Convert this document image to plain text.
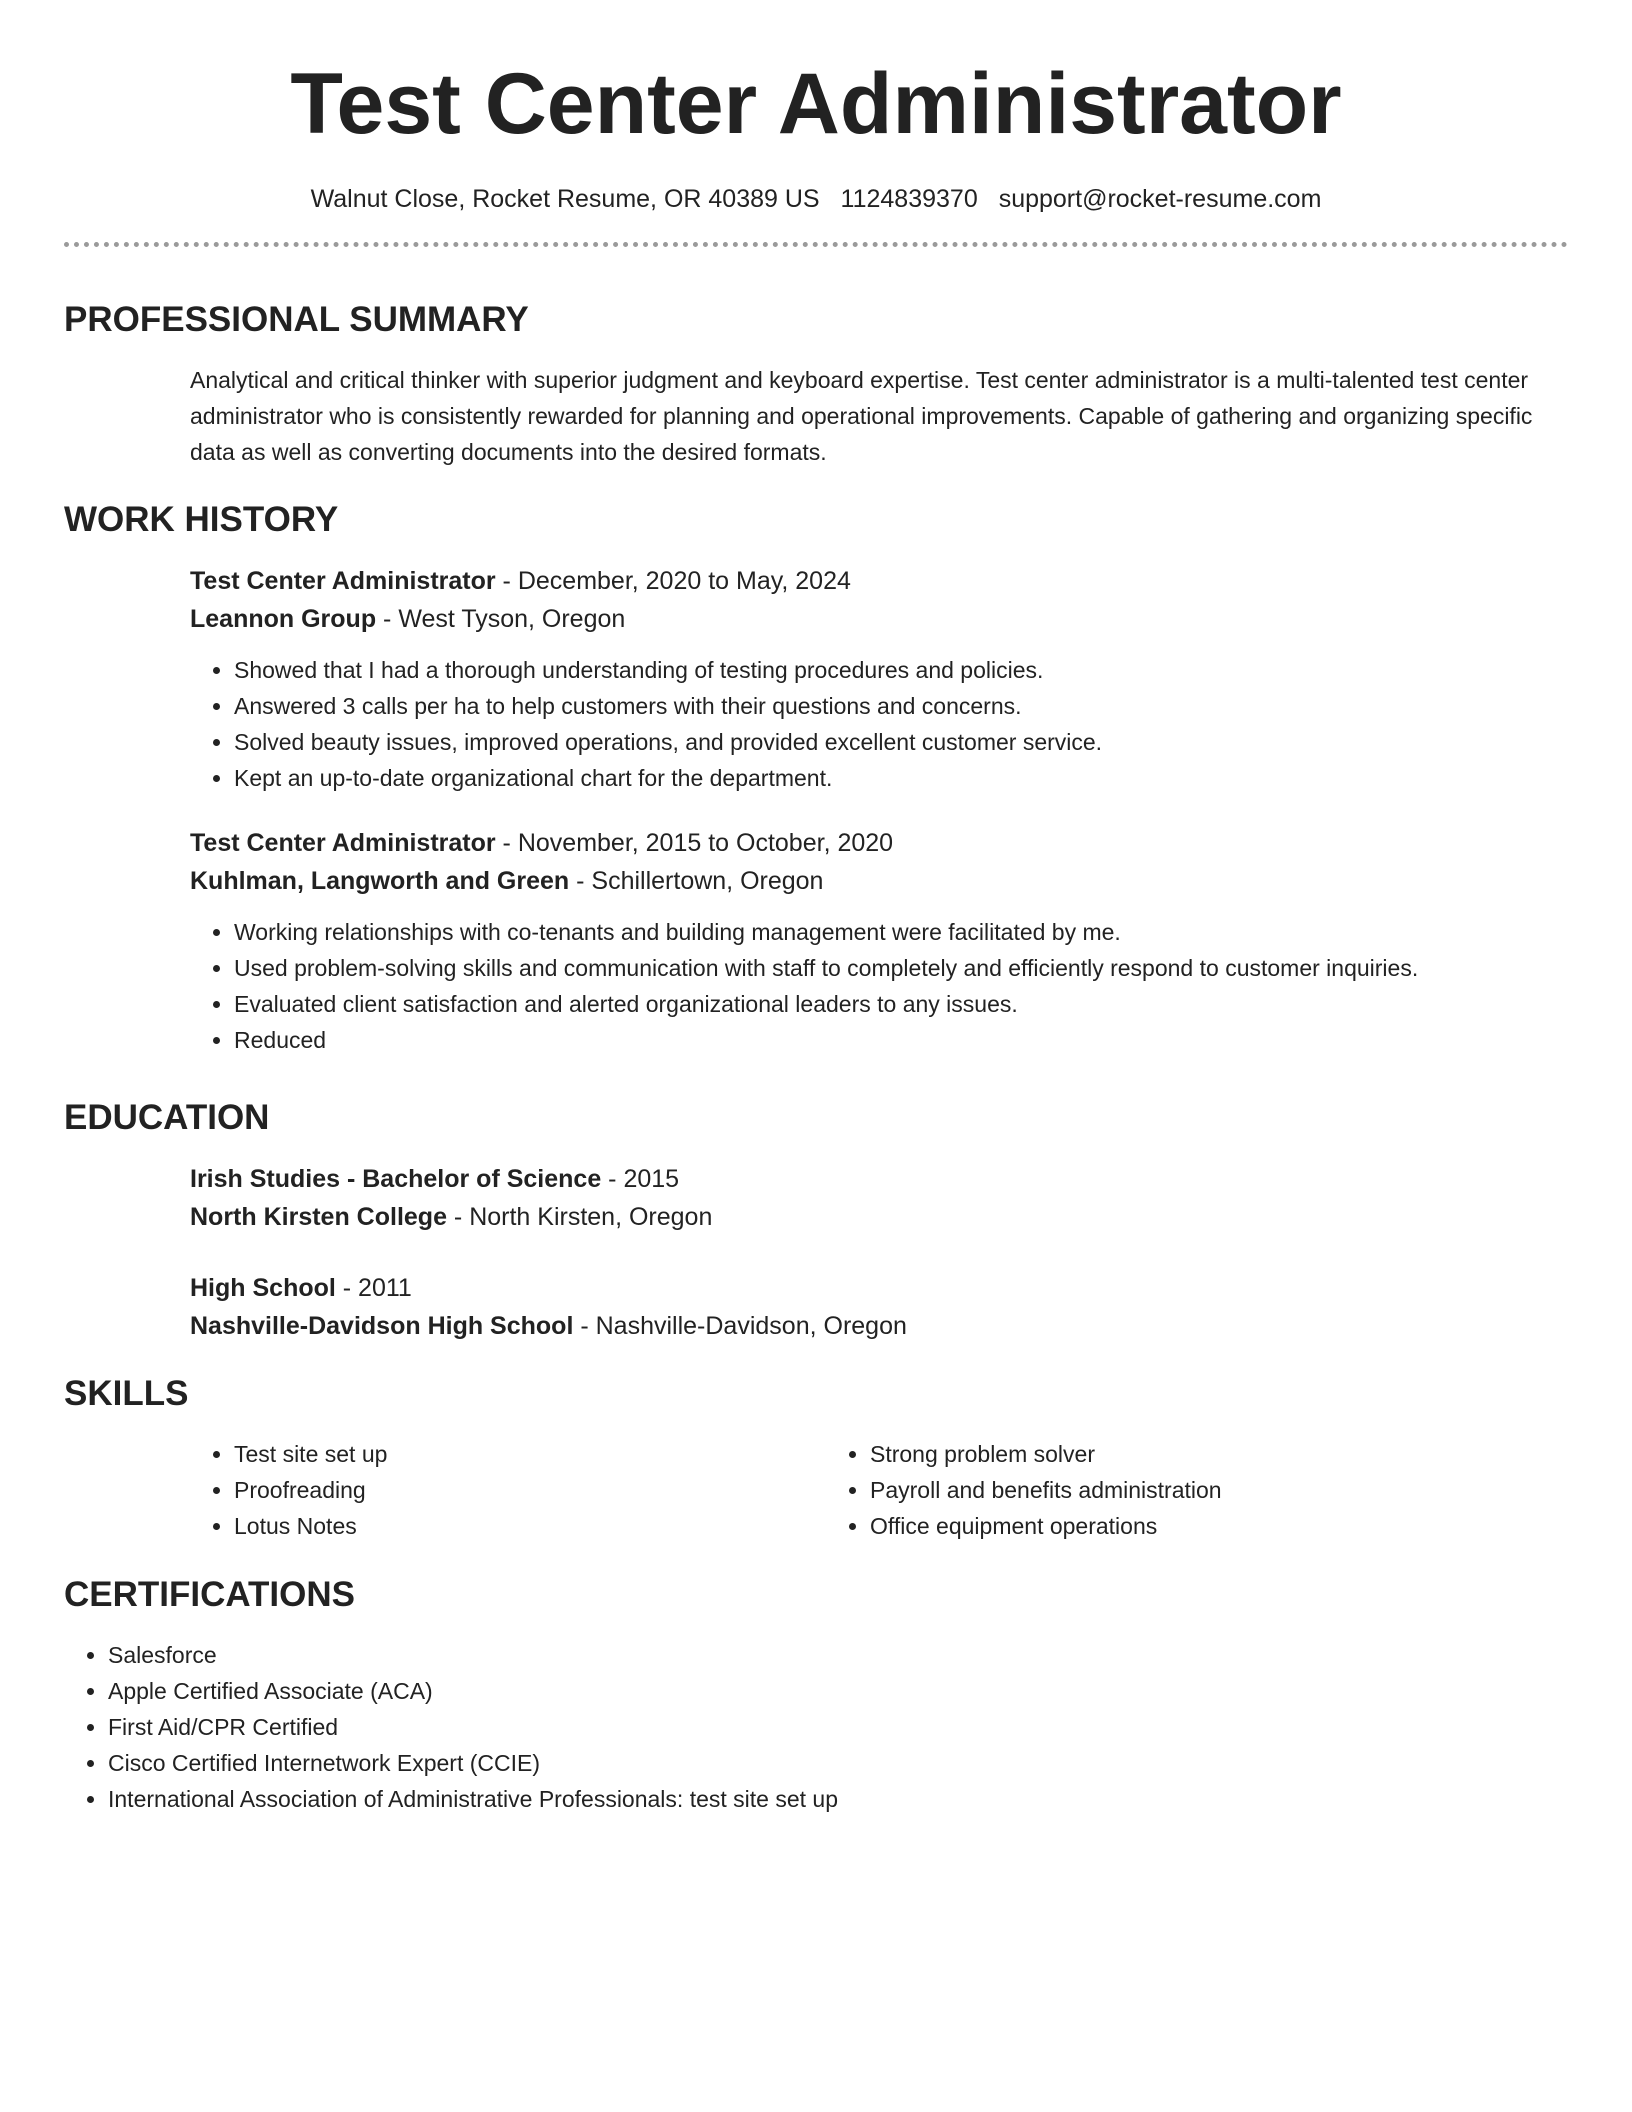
Test Center Administrator
Walnut Close, Rocket Resume, OR 40389 US 1124839370 support@rocket-resume.com
PROFESSIONAL SUMMARY
Analytical and critical thinker with superior judgment and keyboard expertise. Test center administrator is a multi-talented test center administrator who is consistently rewarded for planning and operational improvements. Capable of gathering and organizing specific data as well as converting documents into the desired formats.
WORK HISTORY
Test Center Administrator - December, 2020 to May, 2024
Leannon Group - West Tyson, Oregon
• Showed that I had a thorough understanding of testing procedures and policies.
• Answered 3 calls per ha to help customers with their questions and concerns.
• Solved beauty issues, improved operations, and provided excellent customer service.
• Kept an up-to-date organizational chart for the department.
Test Center Administrator - November, 2015 to October, 2020
Kuhlman, Langworth and Green - Schillertown, Oregon
• Working relationships with co-tenants and building management were facilitated by me.
• Used problem-solving skills and communication with staff to completely and efficiently respond to customer inquiries.
• Evaluated client satisfaction and alerted organizational leaders to any issues.
• Reduced
EDUCATION
Irish Studies - Bachelor of Science - 2015
North Kirsten College - North Kirsten, Oregon
High School - 2011
Nashville-Davidson High School - Nashville-Davidson, Oregon
SKILLS
• Test site set up
• Proofreading
• Lotus Notes
• Strong problem solver
• Payroll and benefits administration
• Office equipment operations
CERTIFICATIONS
• Salesforce
• Apple Certified Associate (ACA)
• First Aid/CPR Certified
• Cisco Certified Internetwork Expert (CCIE)
• International Association of Administrative Professionals: test site set up
